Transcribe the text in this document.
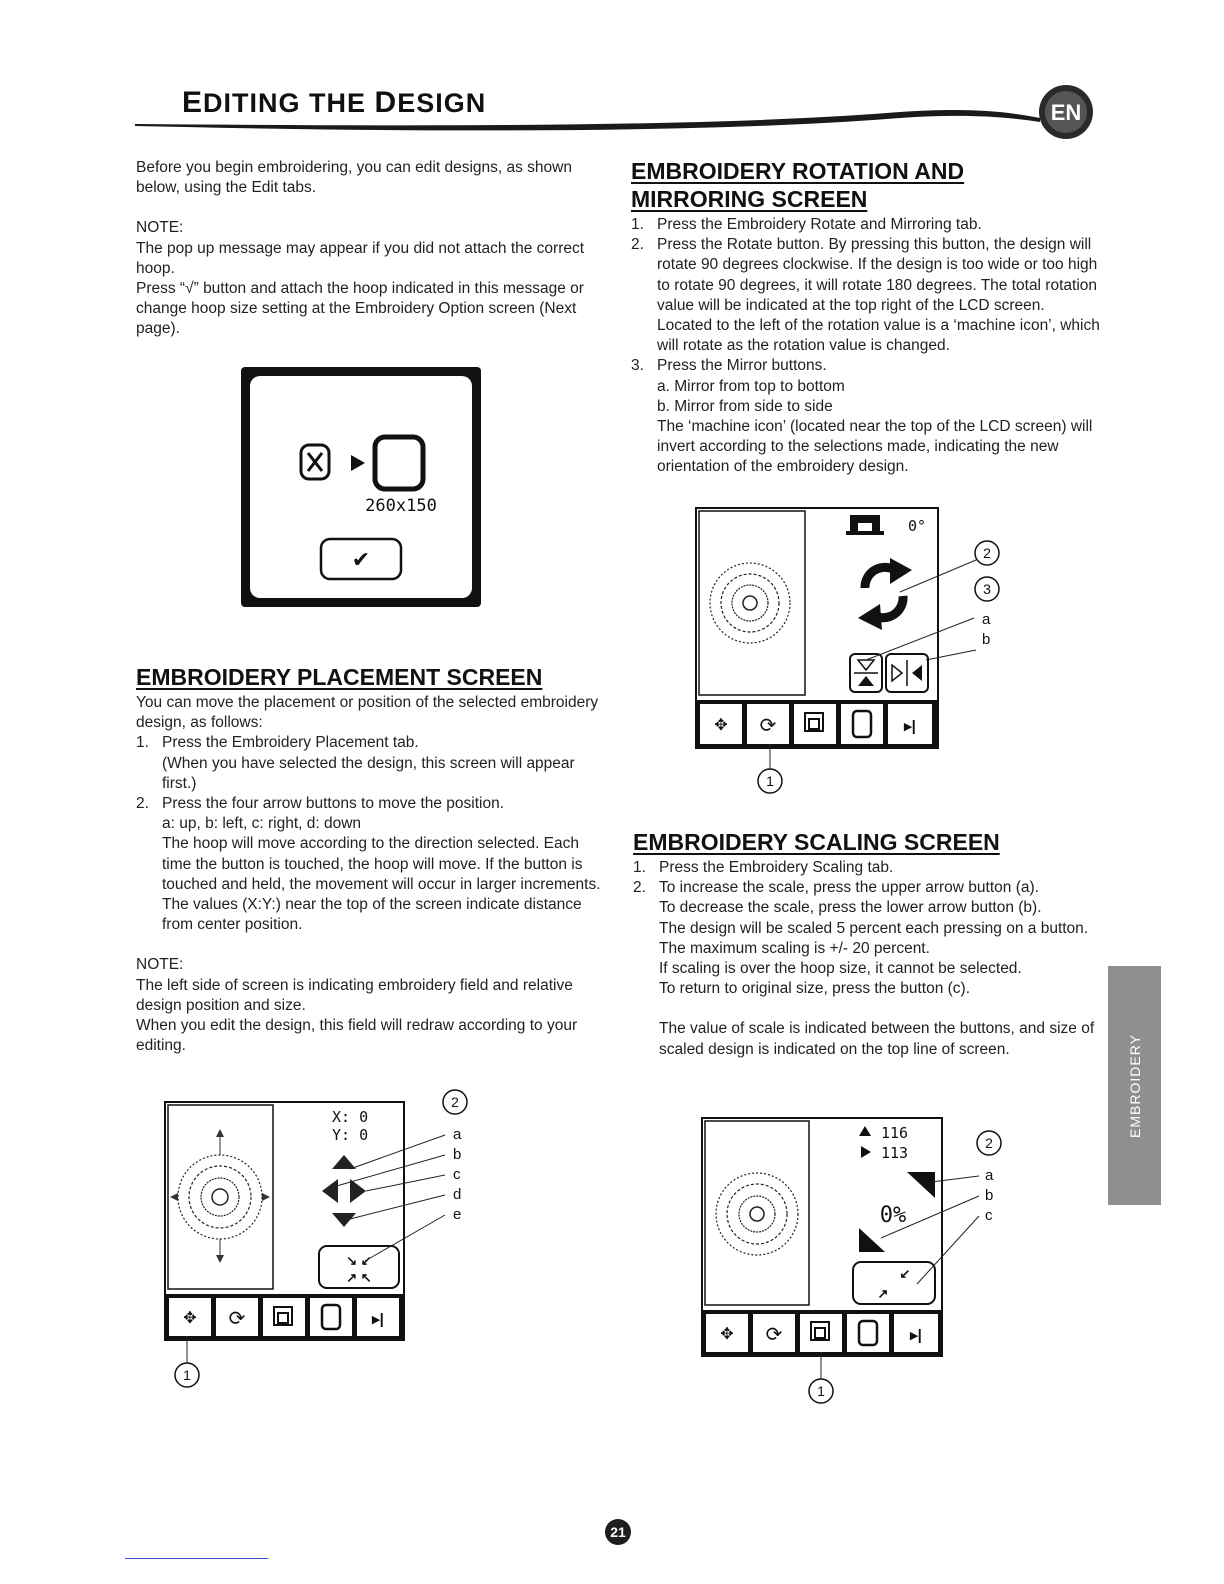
EDITING THE DESIGN	EN

Before you begin embroidering, you can edit designs, as shown below, using the Edit tabs.

NOTE:

The pop up message may appear if you did not attach the correct hoop.

Press “√” button and attach the hoop indicated in this message or change hoop size setting at the Embroidery Option screen (Next page).

260x150
✔

EMBROIDERY PLACEMENT SCREEN

You can move the placement or position of the selected embroidery design, as follows:

1. Press the Embroidery Placement tab.
(When you have selected the design, this screen will appear first.)
2. Press the four arrow buttons to move the position.
a: up, b: left, c: right, d: down
The hoop will move according to the direction selected. Each time the button is touched, the hoop will move. If the button is touched and held, the movement will occur in larger increments.
The values (X:Y:) near the top of the screen indicate distance from center position.

NOTE:

The left side of screen is indicating embroidery field and relative design position and size.

When you edit the design, this field will redraw according to your editing.

X: 0
Y: 0
↘ ↙
↗ ↖
✥ ⟳	▸|
a
b
c
d
e
2
1

EMBROIDERY ROTATION AND

MIRRORING SCREEN

1. Press the Embroidery Rotate and Mirroring tab.
2. Press the Rotate button. By pressing this button, the design will rotate 90 degrees clockwise. If the design is too wide or too high to rotate 90 degrees, it will rotate 180 degrees. The total rotation value will be indicated at the top right of the LCD screen. Located to the left of the rotation value is a ‘machine icon’, which will rotate as the rotation value is changed.
3. Press the Mirror buttons.
a. Mirror from top to bottom
b. Mirror from side to side
The ‘machine icon’ (located near the top of the LCD screen) will invert according to the selections made, indicating the new orientation of the embroidery design.
0°
✥ ⟳	▸|
2
3
a
b
1

EMBROIDERY SCALING SCREEN

1. Press the Embroidery Scaling tab.
2. To increase the scale, press the upper arrow button (a).
To decrease the scale, press the lower arrow button (b).
The design will be scaled 5 percent each pressing on a button.
The maximum scaling is +/- 20 percent.
If scaling is over the hoop size, it cannot be selected.
To return to original size, press the button (c).
The value of scale is indicated between the buttons, and size of scaled design is indicated on the top line of screen.
116
113
0%
↙
↗
✥ ⟳	▸|
2
a
b
c
1
EMBROIDERY
21
